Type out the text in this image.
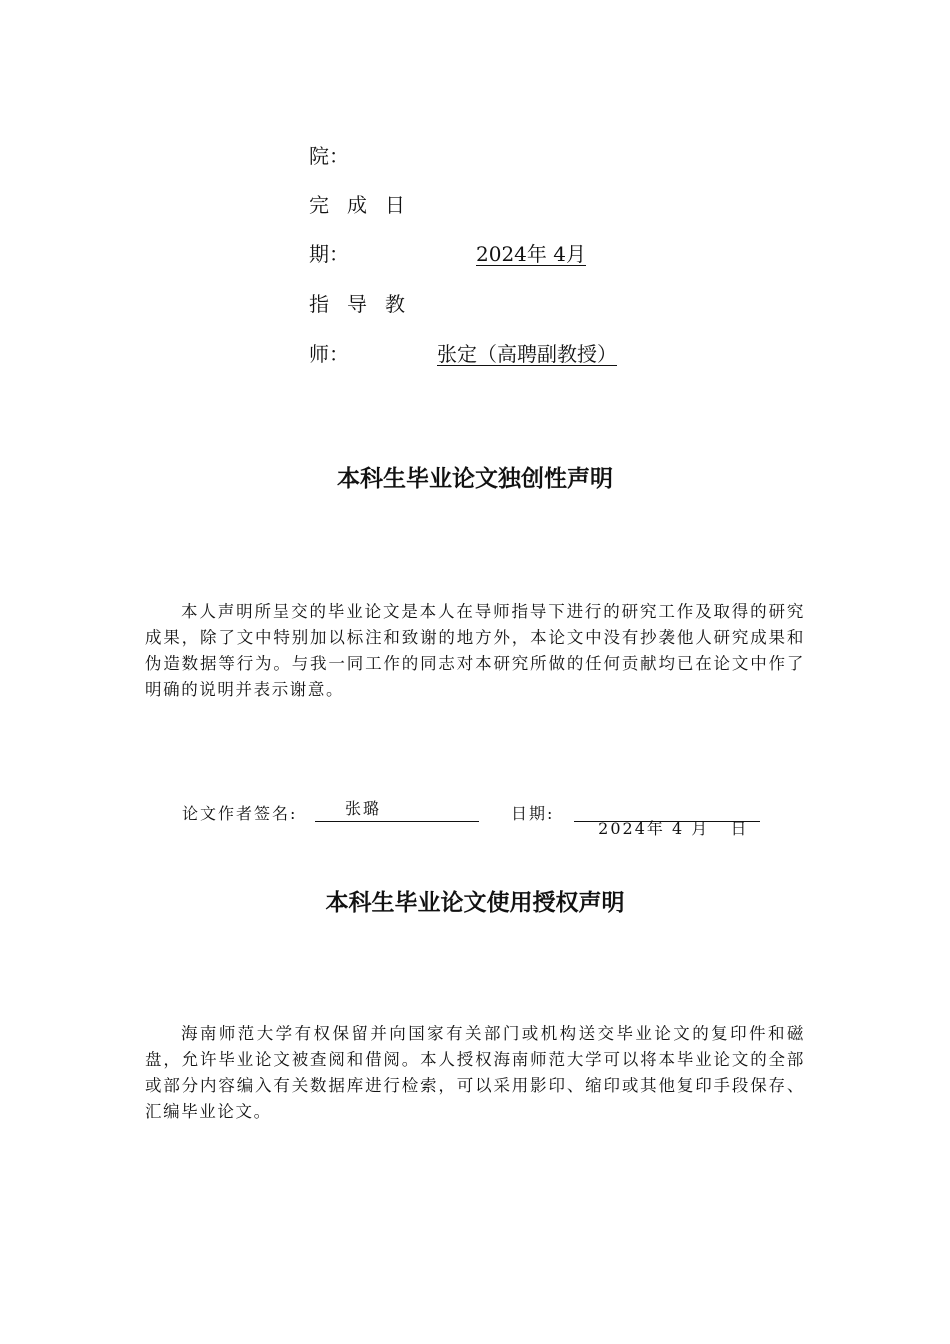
院：
完成日
期：	2024年 4月
指导教
师：	张定（高聘副教授）
本科生毕业论文独创性声明
本人声明所呈交的毕业论文是本人在导师指导下进行的研究工作及取得的研究成果，除了文中特别加以标注和致谢的地方外，本论文中没有抄袭他人研究成果和伪造数据等行为。与我一同工作的同志对本研究所做的任何贡献均已在论文中作了明确的说明并表示谢意。
论文作者签名:	张璐	日期:

2024年 4 月   日

本科生毕业论文使用授权声明
海南师范大学有权保留并向国家有关部门或机构送交毕业论文的复印件和磁盘，允许毕业论文被查阅和借阅。本人授权海南师范大学可以将本毕业论文的全部或部分内容编入有关数据库进行检索，可以采用影印、缩印或其他复印手段保存、汇编毕业论文。
